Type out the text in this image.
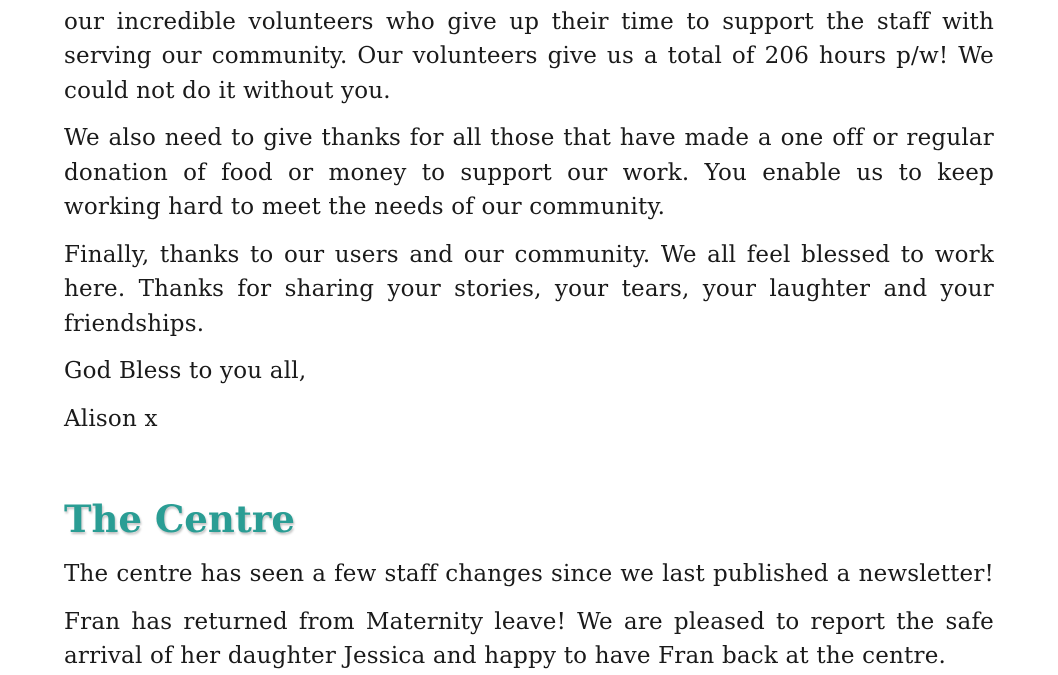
our incredible volunteers who give up their time to support the staff with serving our community. Our volunteers give us a total of 206 hours p/w! We could not do it without you.

We also need to give thanks for all those that have made a one off or regular donation of food or money to support our work. You enable us to keep working hard to meet the needs of our community.

Finally, thanks to our users and our community. We all feel blessed to work here. Thanks for sharing your stories, your tears, your laughter and your friendships.

God Bless to you all,

Alison x

The Centre

The centre has seen a few staff changes since we last published a newsletter!

Fran has returned from Maternity leave! We are pleased to report the safe arrival of her daughter Jessica and happy to have Fran back at the centre.
